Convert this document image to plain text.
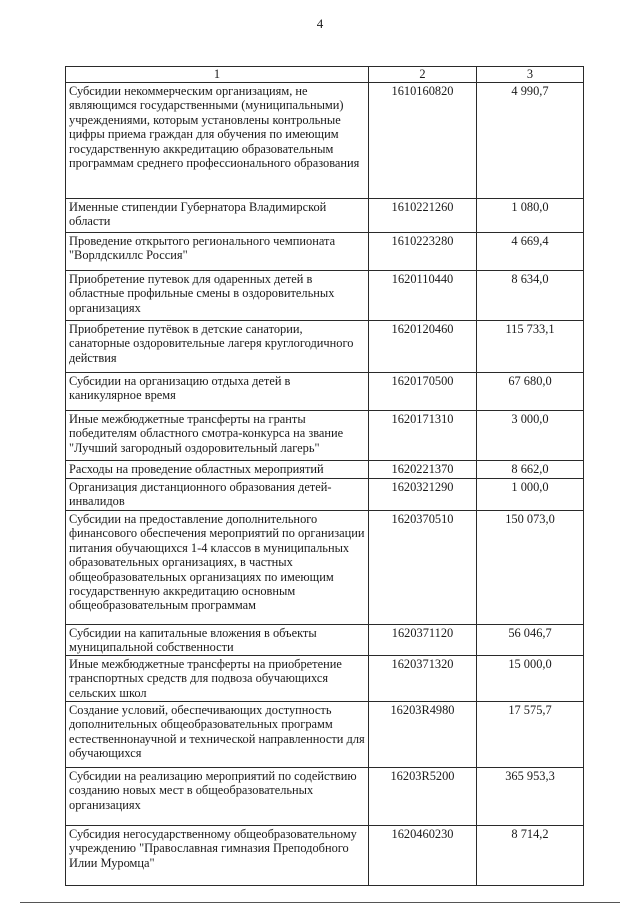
4
1	2	3
Субсидии некоммерческим организациям, не являющимся государственными (муниципальными) учреждениями, которым установлены контрольные цифры приема граждан для обучения по имеющим государственную аккредитацию образовательным программам среднего профессионального образования	1610160820	4 990,7
Именные стипендии Губернатора Владимирской области	1610221260	1 080,0
Проведение открытого регионального чемпионата "Ворлдскиллс Россия"	1610223280	4 669,4
Приобретение путевок для одаренных детей в областные профильные смены в оздоровительных организациях	1620110440	8 634,0
Приобретение путёвок в детские санатории, санаторные оздоровительные лагеря круглогодичного действия	1620120460	115 733,1
Субсидии на организацию отдыха детей в каникулярное время	1620170500	67 680,0
Иные межбюджетные трансферты на гранты победителям областного смотра-конкурса на звание "Лучший загородный оздоровительный лагерь"	1620171310	3 000,0
Расходы на проведение областных мероприятий	1620221370	8 662,0
Организация дистанционного образования детей-инвалидов	1620321290	1 000,0
Субсидии на предоставление дополнительного финансового обеспечения мероприятий по организации питания обучающихся 1-4 классов в муниципальных образовательных организациях, в частных общеобразовательных организациях по имеющим государственную аккредитацию основным общеобразовательным программам	1620370510	150 073,0
Субсидии на капитальные вложения в объекты муниципальной собственности	1620371120	56 046,7
Иные межбюджетные трансферты на приобретение транспортных средств для подвоза обучающихся сельских школ	1620371320	15 000,0
Создание условий, обеспечивающих доступность дополнительных общеобразовательных программ естественнонаучной и технической направленности для обучающихся	16203R4980	17 575,7
Субсидии на реализацию мероприятий по содействию созданию новых мест в общеобразовательных организациях	16203R5200	365 953,3
Субсидия негосударственному общеобразовательному учреждению "Православная гимназия Преподобного Илии Муромца"	1620460230	8 714,2
